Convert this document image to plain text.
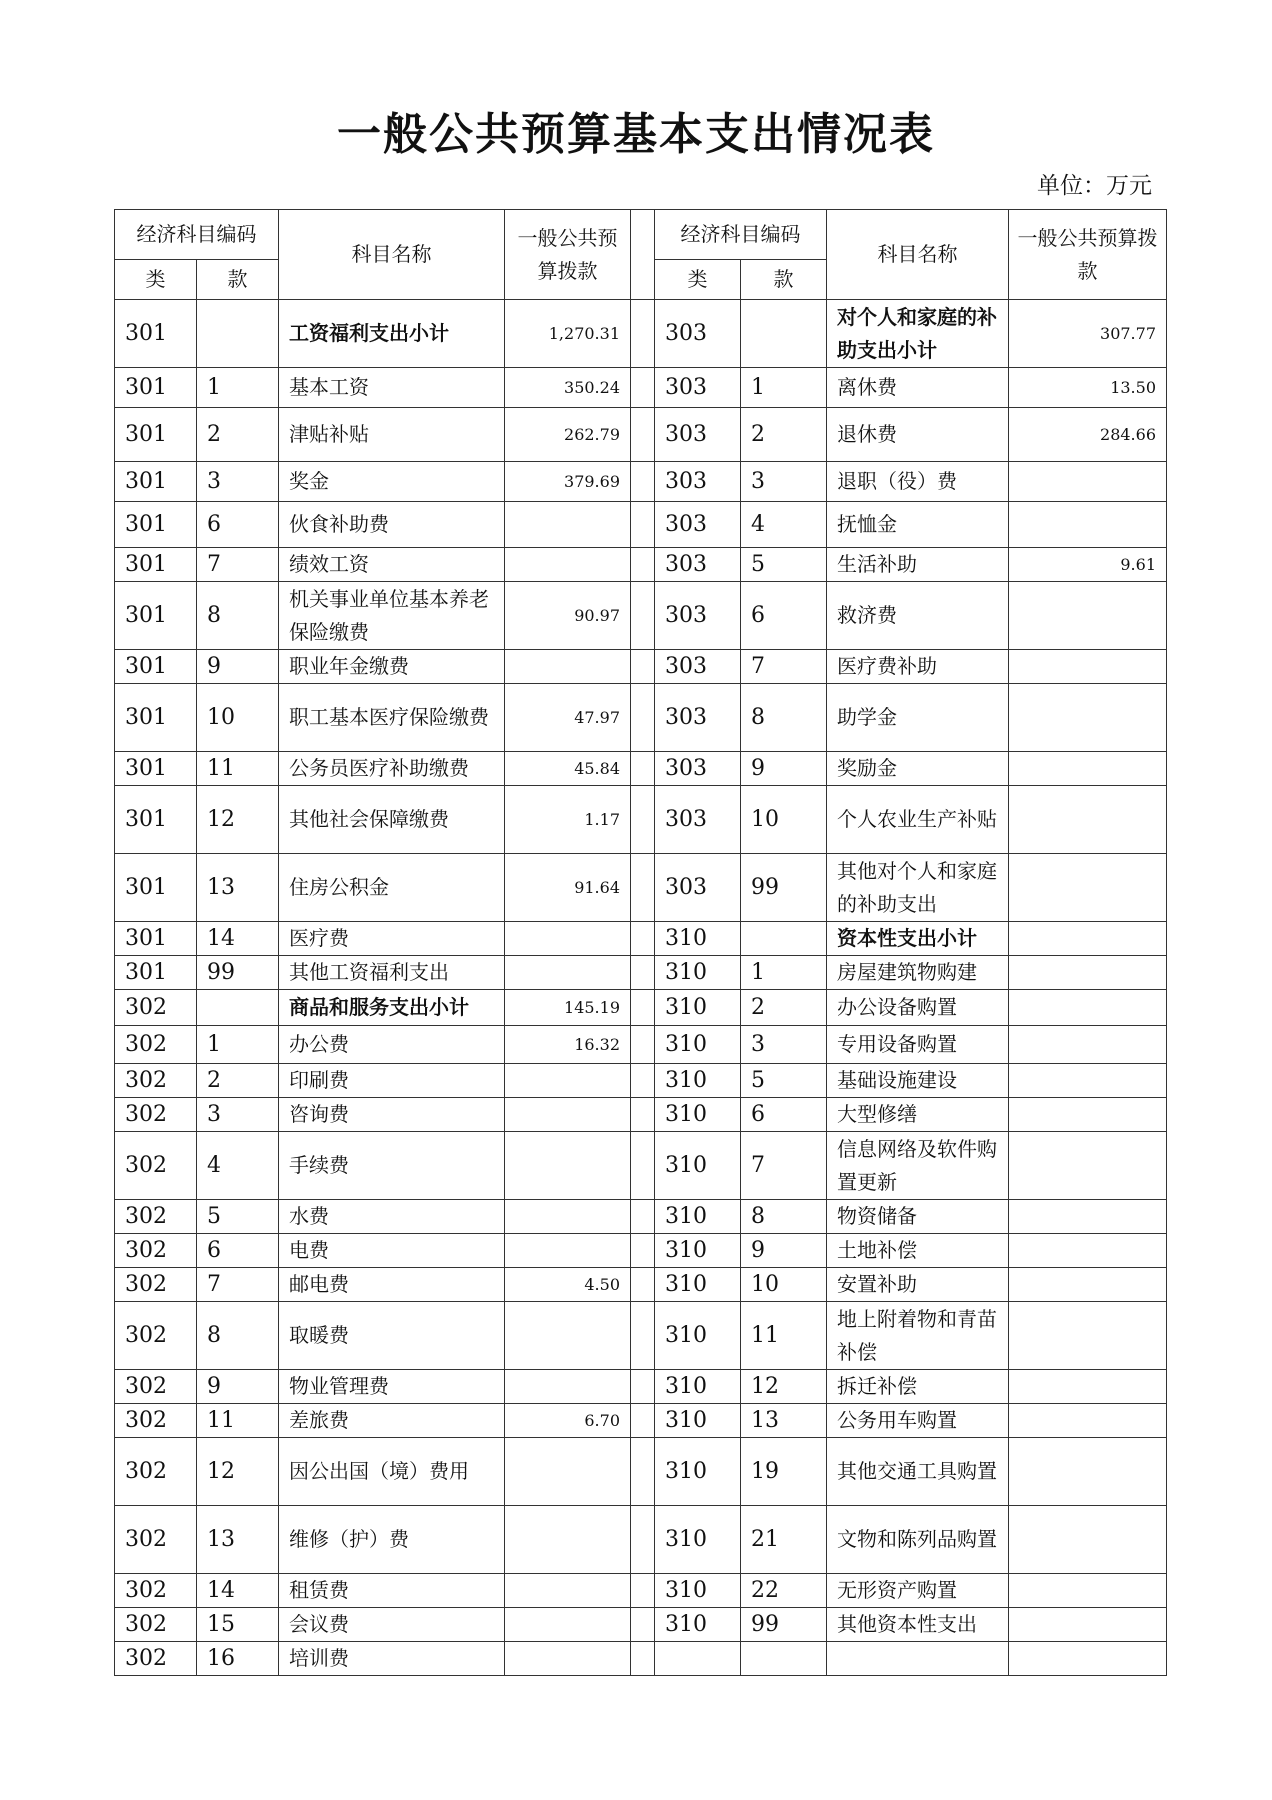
一般公共预算基本支出情况表
单位：万元
经济科目编码		科目名称	一般公共预算拨款		经济科目编码		科目名称	一般公共预算拨款
类	款				类	款		
301		工资福利支出小计	1,270.31		303		对个人和家庭的补助支出小计	307.77
301	1	基本工资	350.24		303	1	离休费	13.50
301	2	津贴补贴	262.79		303	2	退休费	284.66
301	3	奖金	379.69		303	3	退职（役）费	
301	6	伙食补助费			303	4	抚恤金	
301	7	绩效工资			303	5	生活补助	9.61
301	8	机关事业单位基本养老保险缴费	90.97		303	6	救济费	
301	9	职业年金缴费			303	7	医疗费补助	
301	10	职工基本医疗保险缴费	47.97		303	8	助学金	
301	11	公务员医疗补助缴费	45.84		303	9	奖励金	
301	12	其他社会保障缴费	1.17		303	10	个人农业生产补贴	
301	13	住房公积金	91.64		303	99	其他对个人和家庭的补助支出	
301	14	医疗费			310		资本性支出小计	
301	99	其他工资福利支出			310	1	房屋建筑物购建	
302		商品和服务支出小计	145.19		310	2	办公设备购置	
302	1	办公费	16.32		310	3	专用设备购置	
302	2	印刷费			310	5	基础设施建设	
302	3	咨询费			310	6	大型修缮	
302	4	手续费			310	7	信息网络及软件购置更新	
302	5	水费			310	8	物资储备	
302	6	电费			310	9	土地补偿	
302	7	邮电费	4.50		310	10	安置补助	
302	8	取暖费			310	11	地上附着物和青苗补偿	
302	9	物业管理费			310	12	拆迁补偿	
302	11	差旅费	6.70		310	13	公务用车购置	
302	12	因公出国（境）费用			310	19	其他交通工具购置	
302	13	维修（护）费			310	21	文物和陈列品购置	
302	14	租赁费			310	22	无形资产购置	
302	15	会议费			310	99	其他资本性支出	
302	16	培训费						
